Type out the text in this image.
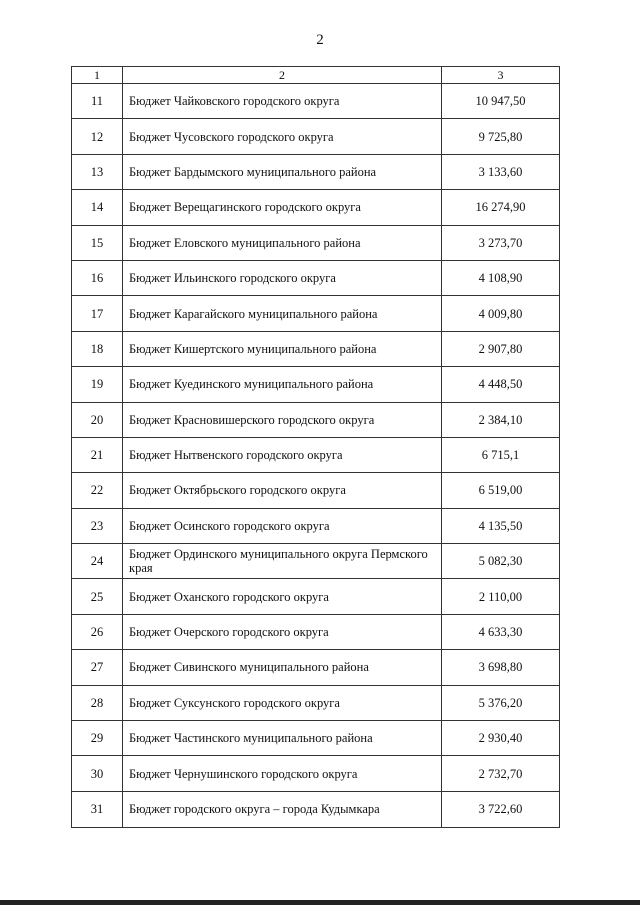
2
1	2	3
11	Бюджет Чайковского городского округа	10 947,50
12	Бюджет Чусовского городского округа	9 725,80
13	Бюджет Бардымского муниципального района	3 133,60
14	Бюджет Верещагинского городского округа	16 274,90
15	Бюджет Еловского муниципального района	3 273,70
16	Бюджет Ильинского городского округа	4 108,90
17	Бюджет Карагайского муниципального района	4 009,80
18	Бюджет Кишертского муниципального района	2 907,80
19	Бюджет Куединского муниципального района	4 448,50
20	Бюджет Красновишерского городского округа	2 384,10
21	Бюджет Нытвенского городского округа	6 715,1
22	Бюджет Октябрьского городского округа	6 519,00
23	Бюджет Осинского городского округа	4 135,50
24	Бюджет Ординского муниципального округа Пермского края	5 082,30
25	Бюджет Оханского городского округа	2 110,00
26	Бюджет Очерского городского округа	4 633,30
27	Бюджет Сивинского муниципального района	3 698,80
28	Бюджет Суксунского городского округа	5 376,20
29	Бюджет Частинского муниципального района	2 930,40
30	Бюджет Чернушинского городского округа	2 732,70
31	Бюджет городского округа – города Кудымкара	3 722,60
